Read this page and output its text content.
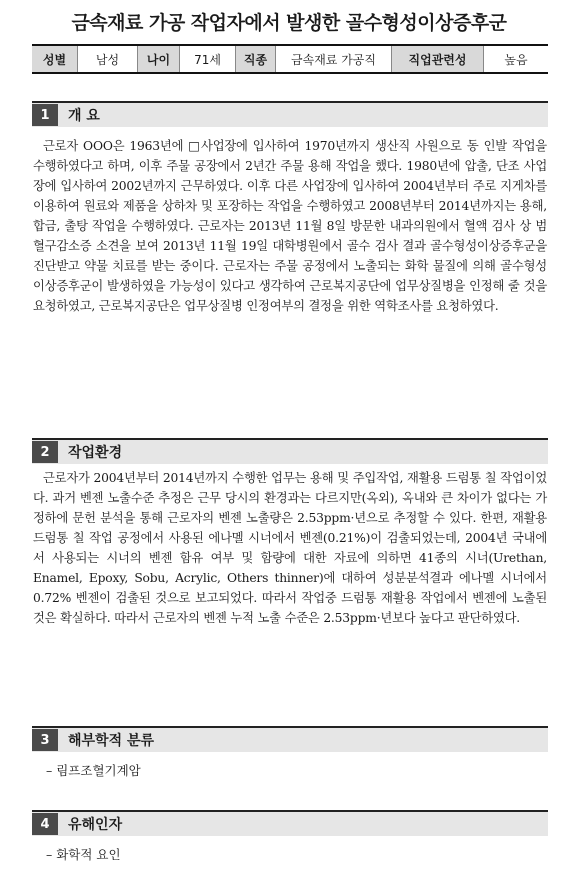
금속재료 가공 작업자에서 발생한 골수형성이상증후군
성별	남성	나이	71세	직종	금속재료 가공직	직업관련성	높음
1	개 요

근로자 OOO은 1963년에 □사업장에 입사하여 1970년까지 생산직 사원으로 동 인발 작업을 수행하였다고 하며, 이후 주물 공장에서 2년간 주물 용해 작업을 했다. 1980년에 압출, 단조 사업장에 입사하여 2002년까지 근무하였다. 이후 다른 사업장에 입사하여 2004년부터 주로 지게차를 이용하여 원료와 제품을 상하차 및 포장하는 작업을 수행하였고 2008년부터 2014년까지는 용해, 합금, 출탕 작업을 수행하였다. 근로자는 2013년 11월 8일 방문한 내과의원에서 혈액 검사 상 범혈구감소증 소견을 보여 2013년 11월 19일 대학병원에서 골수 검사 결과 골수형성이상증후군을 진단받고 약물 치료를 받는 중이다. 근로자는 주물 공정에서 노출되는 화학 물질에 의해 골수형성이상증후군이 발생하였을 가능성이 있다고 생각하여 근로복지공단에 업무상질병을 인정해 줄 것을 요청하였고, 근로복지공단은 업무상질병 인정여부의 결정을 위한 역학조사를 요청하였다.

2	작업환경

근로자가 2004년부터 2014년까지 수행한 업무는 용해 및 주입작업, 재활용 드럼통 칠 작업이었다. 과거 벤젠 노출수준 추정은 근무 당시의 환경과는 다르지만(옥외), 옥내와 큰 차이가 없다는 가정하에 문헌 분석을 통해 근로자의 벤젠 노출량은 2.53ppm·년으로 추정할 수 있다. 한편, 재활용 드럼통 칠 작업 공정에서 사용된 에나멜 시너에서 벤젠(0.21%)이 검출되었는데, 2004년 국내에서 사용되는 시너의 벤젠 함유 여부 및 함량에 대한 자료에 의하면 41종의 시너(Urethan, Enamel, Epoxy, Sobu, Acrylic, Others thinner)에 대하여 성분분석결과 에나멜 시너에서 0.72% 벤젠이 검출된 것으로 보고되었다. 따라서 작업중 드럼통 재활용 작업에서 벤젠에 노출된 것은 확실하다. 따라서 근로자의 벤젠 누적 노출 수준은 2.53ppm·년보다 높다고 판단하였다.

3	해부학적 분류
– 림프조혈기계암
4	유해인자
– 화학적 요인
